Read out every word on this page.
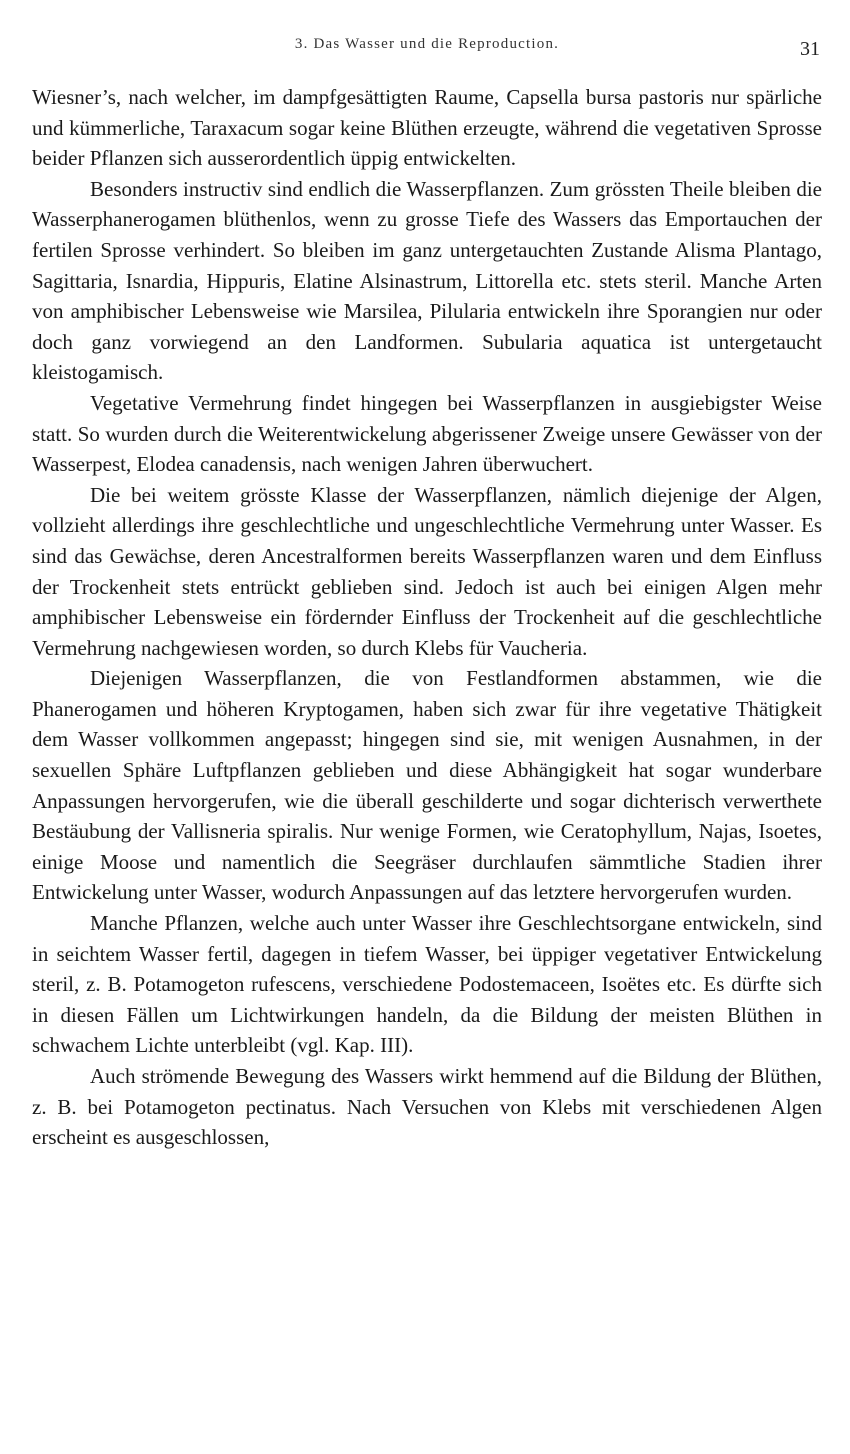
3. Das Wasser und die Reproduction.	31

Wiesner’s, nach welcher, im dampfgesättigten Raume, Capsella bursa pastoris nur spärliche und kümmerliche, Taraxacum sogar keine Blüthen erzeugte, während die vegetativen Sprosse beider Pflanzen sich ausserordentlich üppig entwickelten.

Besonders instructiv sind endlich die Wasserpflanzen. Zum grössten Theile bleiben die Wasserphanerogamen blüthenlos, wenn zu grosse Tiefe des Wassers das Emportauchen der fertilen Sprosse verhindert. So bleiben im ganz untergetauchten Zustande Alisma Plantago, Sagittaria, Isnardia, Hippuris, Elatine Alsinastrum, Littorella etc. stets steril. Manche Arten von amphibischer Lebensweise wie Marsilea, Pilularia entwickeln ihre Sporangien nur oder doch ganz vorwiegend an den Landformen. Subularia aquatica ist untergetaucht kleistogamisch.

Vegetative Vermehrung findet hingegen bei Wasserpflanzen in ausgiebigster Weise statt. So wurden durch die Weiterentwickelung abgerissener Zweige unsere Gewässer von der Wasserpest, Elodea canadensis, nach wenigen Jahren überwuchert.

Die bei weitem grösste Klasse der Wasserpflanzen, nämlich diejenige der Algen, vollzieht allerdings ihre geschlechtliche und ungeschlechtliche Vermehrung unter Wasser. Es sind das Gewächse, deren Ancestralformen bereits Wasserpflanzen waren und dem Einfluss der Trockenheit stets entrückt geblieben sind. Jedoch ist auch bei einigen Algen mehr amphibischer Lebensweise ein fördernder Einfluss der Trockenheit auf die geschlechtliche Vermehrung nachgewiesen worden, so durch Klebs für Vaucheria.

Diejenigen Wasserpflanzen, die von Festlandformen abstammen, wie die Phanerogamen und höheren Kryptogamen, haben sich zwar für ihre vegetative Thätigkeit dem Wasser vollkommen angepasst; hingegen sind sie, mit wenigen Ausnahmen, in der sexuellen Sphäre Luftpflanzen geblieben und diese Abhängigkeit hat sogar wunderbare Anpassungen hervorgerufen, wie die überall geschilderte und sogar dichterisch verwerthete Bestäubung der Vallisneria spiralis. Nur wenige Formen, wie Ceratophyllum, Najas, Isoetes, einige Moose und namentlich die Seegräser durchlaufen sämmtliche Stadien ihrer Entwickelung unter Wasser, wodurch Anpassungen auf das letztere hervorgerufen wurden.

Manche Pflanzen, welche auch unter Wasser ihre Geschlechtsorgane entwickeln, sind in seichtem Wasser fertil, dagegen in tiefem Wasser, bei üppiger vegetativer Entwickelung steril, z. B. Potamogeton rufescens, verschiedene Podostemaceen, Isoëtes etc. Es dürfte sich in diesen Fällen um Lichtwirkungen handeln, da die Bildung der meisten Blüthen in schwachem Lichte unterbleibt (vgl. Kap. III).

Auch strömende Bewegung des Wassers wirkt hemmend auf die Bildung der Blüthen, z. B. bei Potamogeton pectinatus. Nach Versuchen von Klebs mit verschiedenen Algen erscheint es ausgeschlossen,
